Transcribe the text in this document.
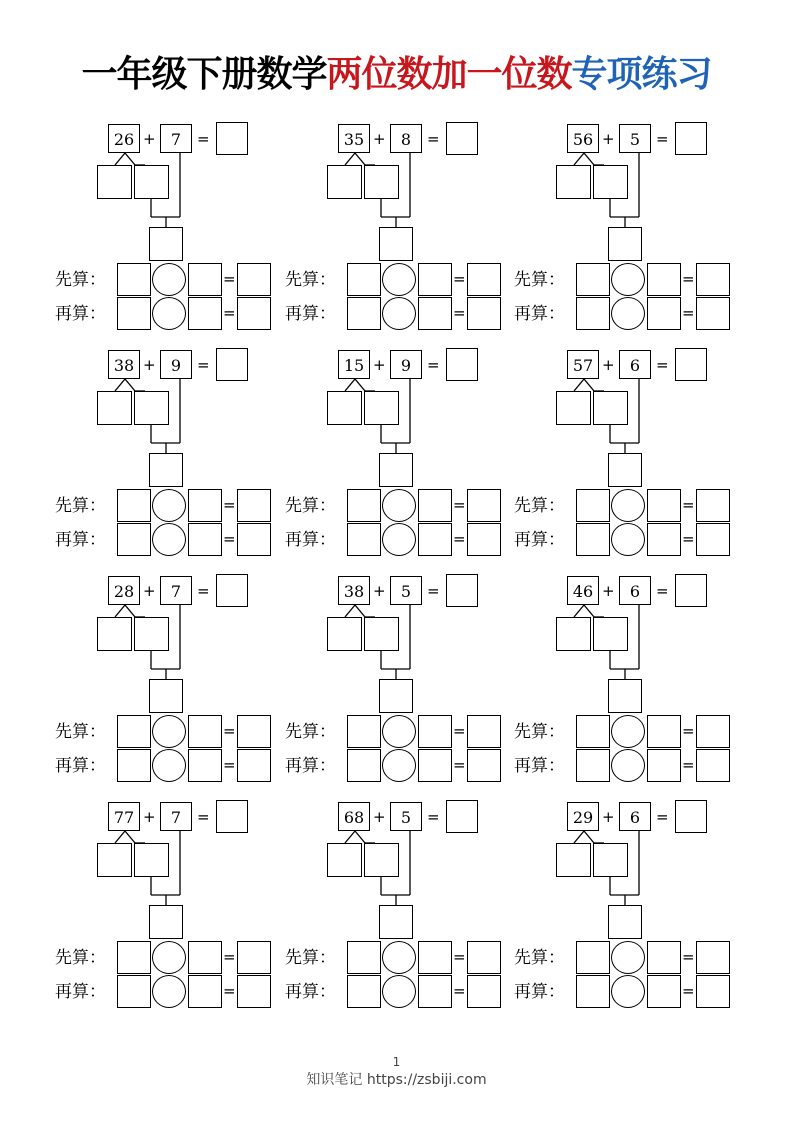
一年级下册数学两位数加一位数专项练习
26 + 7	=
先算：	=
再算：	=
35 + 8	=
先算：	=
再算：	=
56 + 5	=
先算：	=
再算：	=
38 + 9	=
先算：	=
再算：	=
15 + 9	=
先算：	=
再算：	=
57 + 6	=
先算：	=
再算：	=
28 + 7	=
先算：	=
再算：	=
38 + 5	=
先算：	=
再算：	=
46 + 6	=
先算：	=
再算：	=
77 + 7	=
先算：	=
再算：	=
68 + 5	=
先算：	=
再算：	=
29 + 6	=
先算：	=
再算：	=
1
知识笔记 https://zsbiji.com
